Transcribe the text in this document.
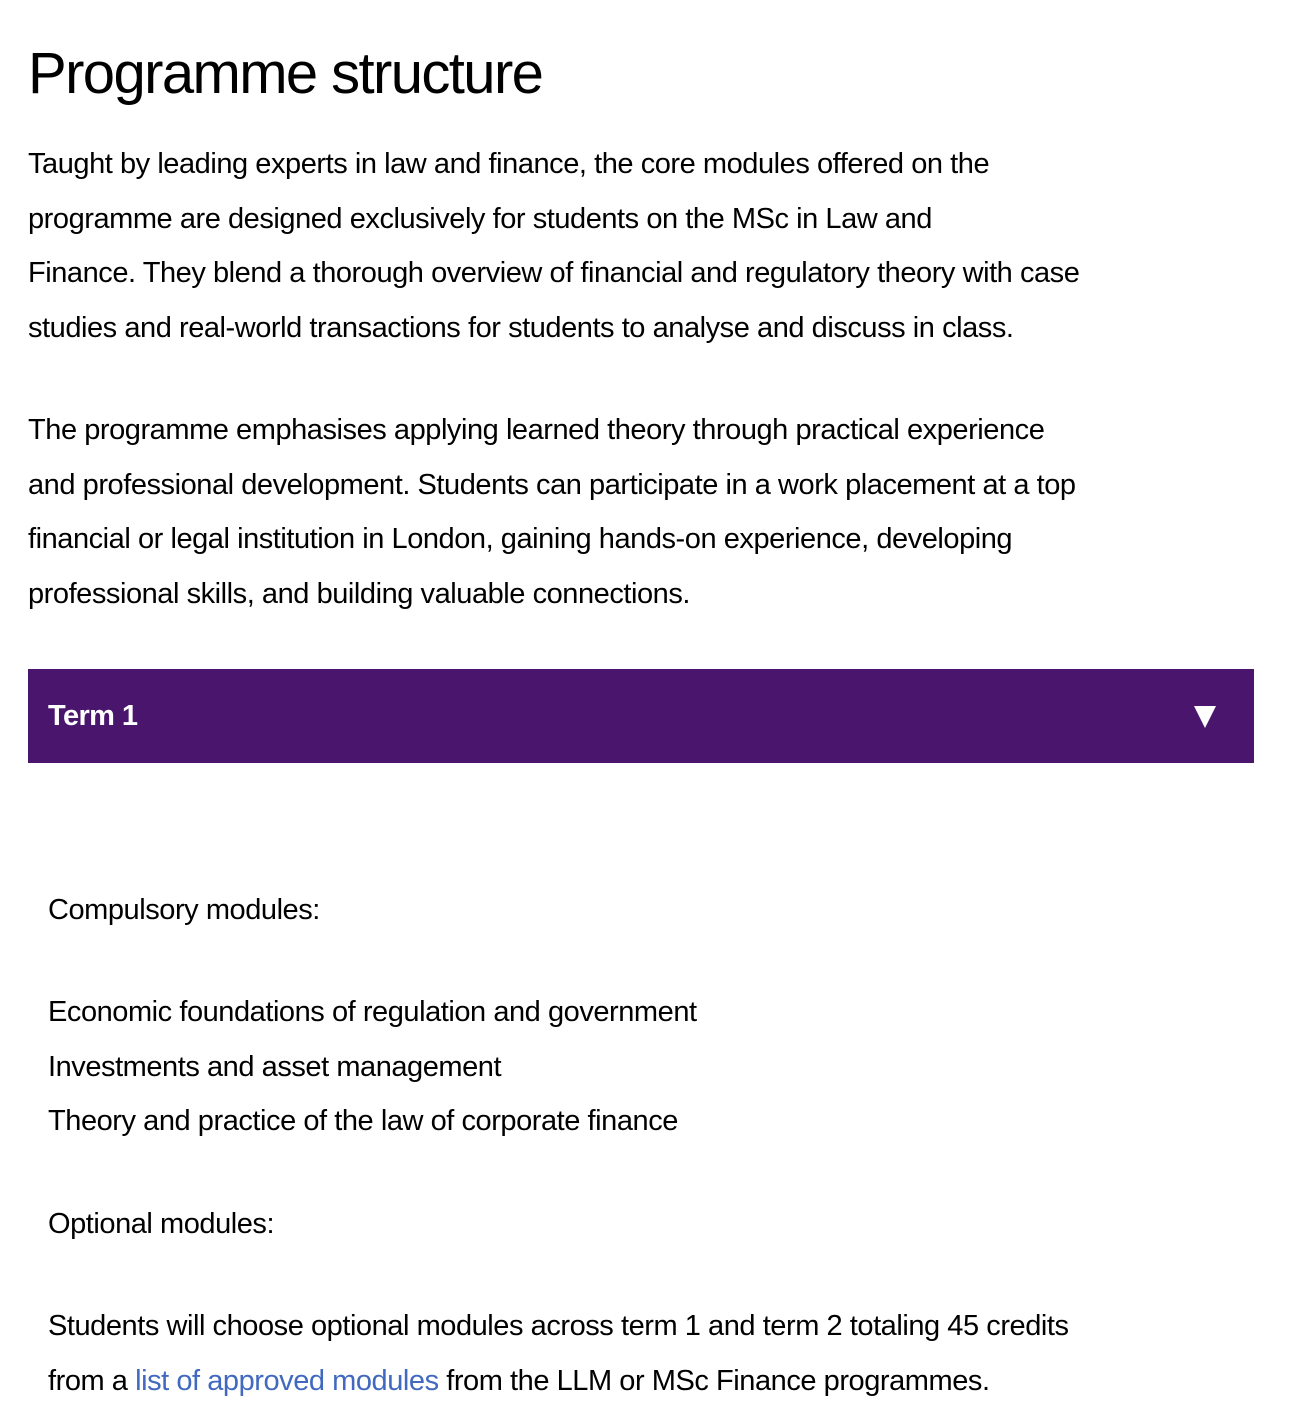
Programme structure

Taught by leading experts in law and finance, the core modules offered on the
programme are designed exclusively for students on the MSc in Law and
Finance. They blend a thorough overview of financial and regulatory theory with case
studies and real-world transactions for students to analyse and discuss in class.

The programme emphasises applying learned theory through practical experience
and professional development. Students can participate in a work placement at a top
financial or legal institution in London, gaining hands-on experience, developing
professional skills, and building valuable connections.

Term 1

Compulsory modules:

Economic foundations of regulation and government
Investments and asset management
Theory and practice of the law of corporate finance

Optional modules:

Students will choose optional modules across term 1 and term 2 totaling 45 credits
from a list of approved modules from the LLM or MSc Finance programmes.
